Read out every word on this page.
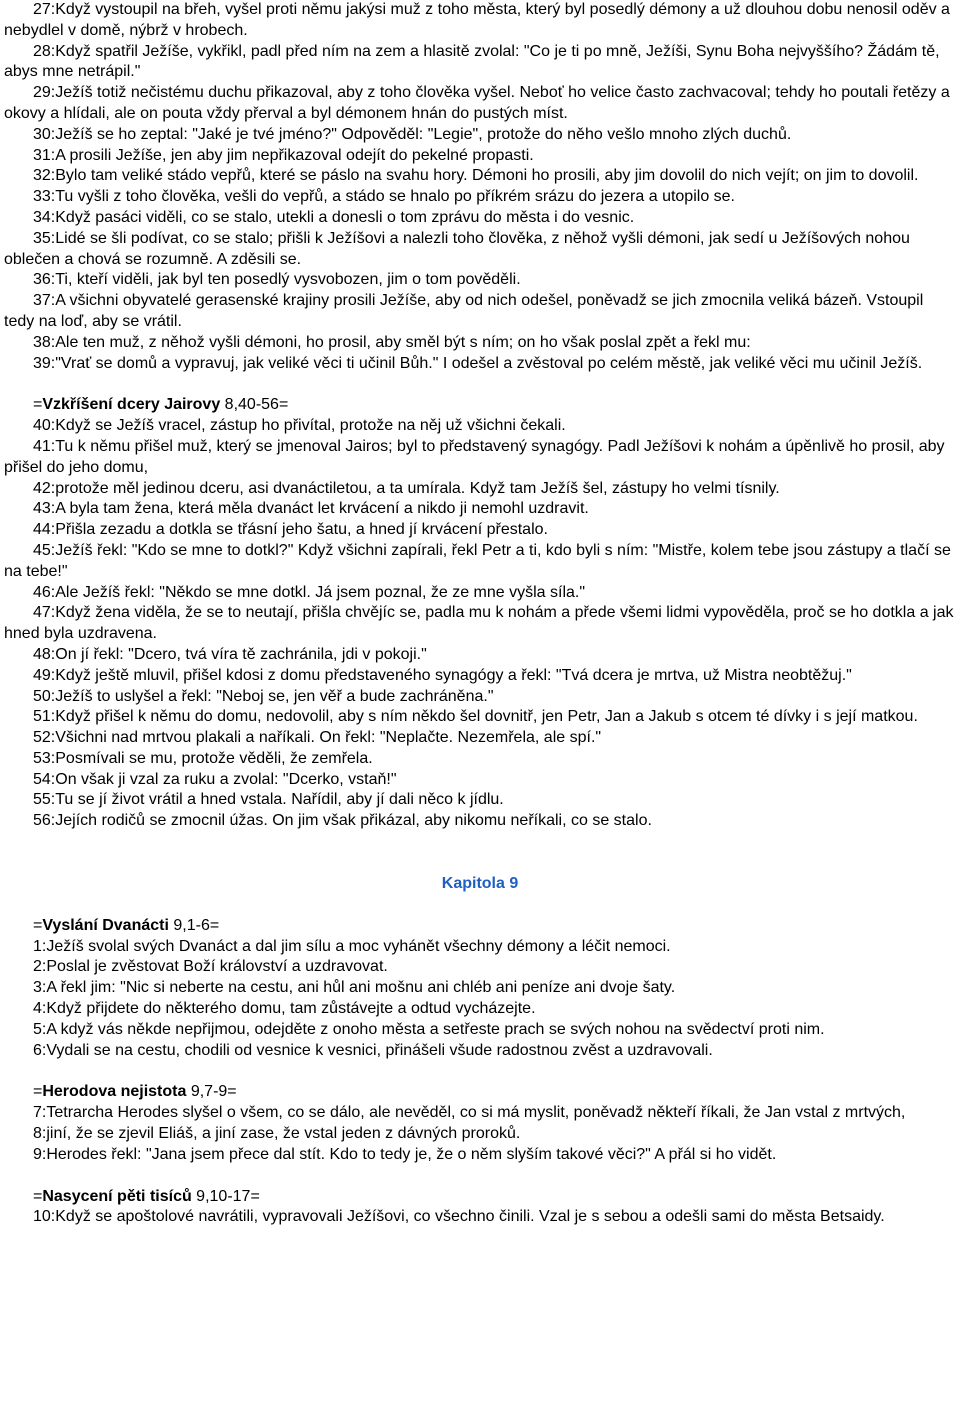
27:Když vystoupil na břeh, vyšel proti němu jakýsi muž z toho města, který byl posedlý démony a už dlouhou dobu nenosil oděv a nebydlel v domě, nýbrž v hrobech.

28:Když spatřil Ježíše, vykřikl, padl před ním na zem a hlasitě zvolal: "Co je ti po mně, Ježíši, Synu Boha nejvyššího? Žádám tě, abys mne netrápil."

29:Ježíš totiž nečistému duchu přikazoval, aby z toho člověka vyšel. Neboť ho velice často zachvacoval; tehdy ho poutali řetězy a okovy a hlídali, ale on pouta vždy přerval a byl démonem hnán do pustých míst.

30:Ježíš se ho zeptal: "Jaké je tvé jméno?" Odpověděl: "Legie", protože do něho vešlo mnoho zlých duchů.

31:A prosili Ježíše, jen aby jim nepřikazoval odejít do pekelné propasti.

32:Bylo tam veliké stádo vepřů, které se páslo na svahu hory. Démoni ho prosili, aby jim dovolil do nich vejít; on jim to dovolil.

33:Tu vyšli z toho člověka, vešli do vepřů, a stádo se hnalo po příkrém srázu do jezera a utopilo se.

34:Když pasáci viděli, co se stalo, utekli a donesli o tom zprávu do města i do vesnic.

35:Lidé se šli podívat, co se stalo; přišli k Ježíšovi a nalezli toho člověka, z něhož vyšli démoni, jak sedí u Ježíšových nohou oblečen a chová se rozumně. A zděsili se.

36:Ti, kteří viděli, jak byl ten posedlý vysvobozen, jim o tom pověděli.

37:A všichni obyvatelé gerasenské krajiny prosili Ježíše, aby od nich odešel, poněvadž se jich zmocnila veliká bázeň. Vstoupil tedy na loď, aby se vrátil.

38:Ale ten muž, z něhož vyšli démoni, ho prosil, aby směl být s ním; on ho však poslal zpět a řekl mu:

39:"Vrať se domů a vypravuj, jak veliké věci ti učinil Bůh." I odešel a zvěstoval po celém městě, jak veliké věci mu učinil Ježíš.

=Vzkříšení dcery Jairovy 8,40-56=

40:Když se Ježíš vracel, zástup ho přivítal, protože na něj už všichni čekali.

41:Tu k němu přišel muž, který se jmenoval Jairos; byl to představený synagógy. Padl Ježíšovi k nohám a úpěnlivě ho prosil, aby přišel do jeho domu,

42:protože měl jedinou dceru, asi dvanáctiletou, a ta umírala. Když tam Ježíš šel, zástupy ho velmi tísnily.

43:A byla tam žena, která měla dvanáct let krvácení a nikdo ji nemohl uzdravit.

44:Přišla zezadu a dotkla se třásní jeho šatu, a hned jí krvácení přestalo.

45:Ježíš řekl: "Kdo se mne to dotkl?" Když všichni zapírali, řekl Petr a ti, kdo byli s ním: "Mistře, kolem tebe jsou zástupy a tlačí se na tebe!"

46:Ale Ježíš řekl: "Někdo se mne dotkl. Já jsem poznal, že ze mne vyšla síla."

47:Když žena viděla, že se to neutají, přišla chvějíc se, padla mu k nohám a přede všemi lidmi vypověděla, proč se ho dotkla a jak hned byla uzdravena.

48:On jí řekl: "Dcero, tvá víra tě zachránila, jdi v pokoji."

49:Když ještě mluvil, přišel kdosi z domu představeného synagógy a řekl: "Tvá dcera je mrtva, už Mistra neobtěžuj."

50:Ježíš to uslyšel a řekl: "Neboj se, jen věř a bude zachráněna."

51:Když přišel k němu do domu, nedovolil, aby s ním někdo šel dovnitř, jen Petr, Jan a Jakub s otcem té dívky i s její matkou.

52:Všichni nad mrtvou plakali a naříkali. On řekl: "Neplačte. Nezemřela, ale spí."

53:Posmívali se mu, protože věděli, že zemřela.

54:On však ji vzal za ruku a zvolal: "Dcerko, vstaň!"

55:Tu se jí život vrátil a hned vstala. Nařídil, aby jí dali něco k jídlu.

56:Jejích rodičů se zmocnil úžas. On jim však přikázal, aby nikomu neříkali, co se stalo.

Kapitola 9

=Vyslání Dvanácti 9,1-6=

1:Ježíš svolal svých Dvanáct a dal jim sílu a moc vyhánět všechny démony a léčit nemoci.

2:Poslal je zvěstovat Boží království a uzdravovat.

3:A řekl jim: "Nic si neberte na cestu, ani hůl ani mošnu ani chléb ani peníze ani dvoje šaty.

4:Když přijdete do některého domu, tam zůstávejte a odtud vycházejte.

5:A když vás někde nepřijmou, odejděte z onoho města a setřeste prach se svých nohou na svědectví proti nim.

6:Vydali se na cestu, chodili od vesnice k vesnici, přinášeli všude radostnou zvěst a uzdravovali.

=Herodova nejistota 9,7-9=

7:Tetrarcha Herodes slyšel o všem, co se dálo, ale nevěděl, co si má myslit, poněvadž někteří říkali, že Jan vstal z mrtvých,

8:jiní, že se zjevil Eliáš, a jiní zase, že vstal jeden z dávných proroků.

9:Herodes řekl: "Jana jsem přece dal stít. Kdo to tedy je, že o něm slyším takové věci?" A přál si ho vidět.

=Nasycení pěti tisíců 9,10-17=

10:Když se apoštolové navrátili, vypravovali Ježíšovi, co všechno činili. Vzal je s sebou a odešli sami do města Betsaidy.
